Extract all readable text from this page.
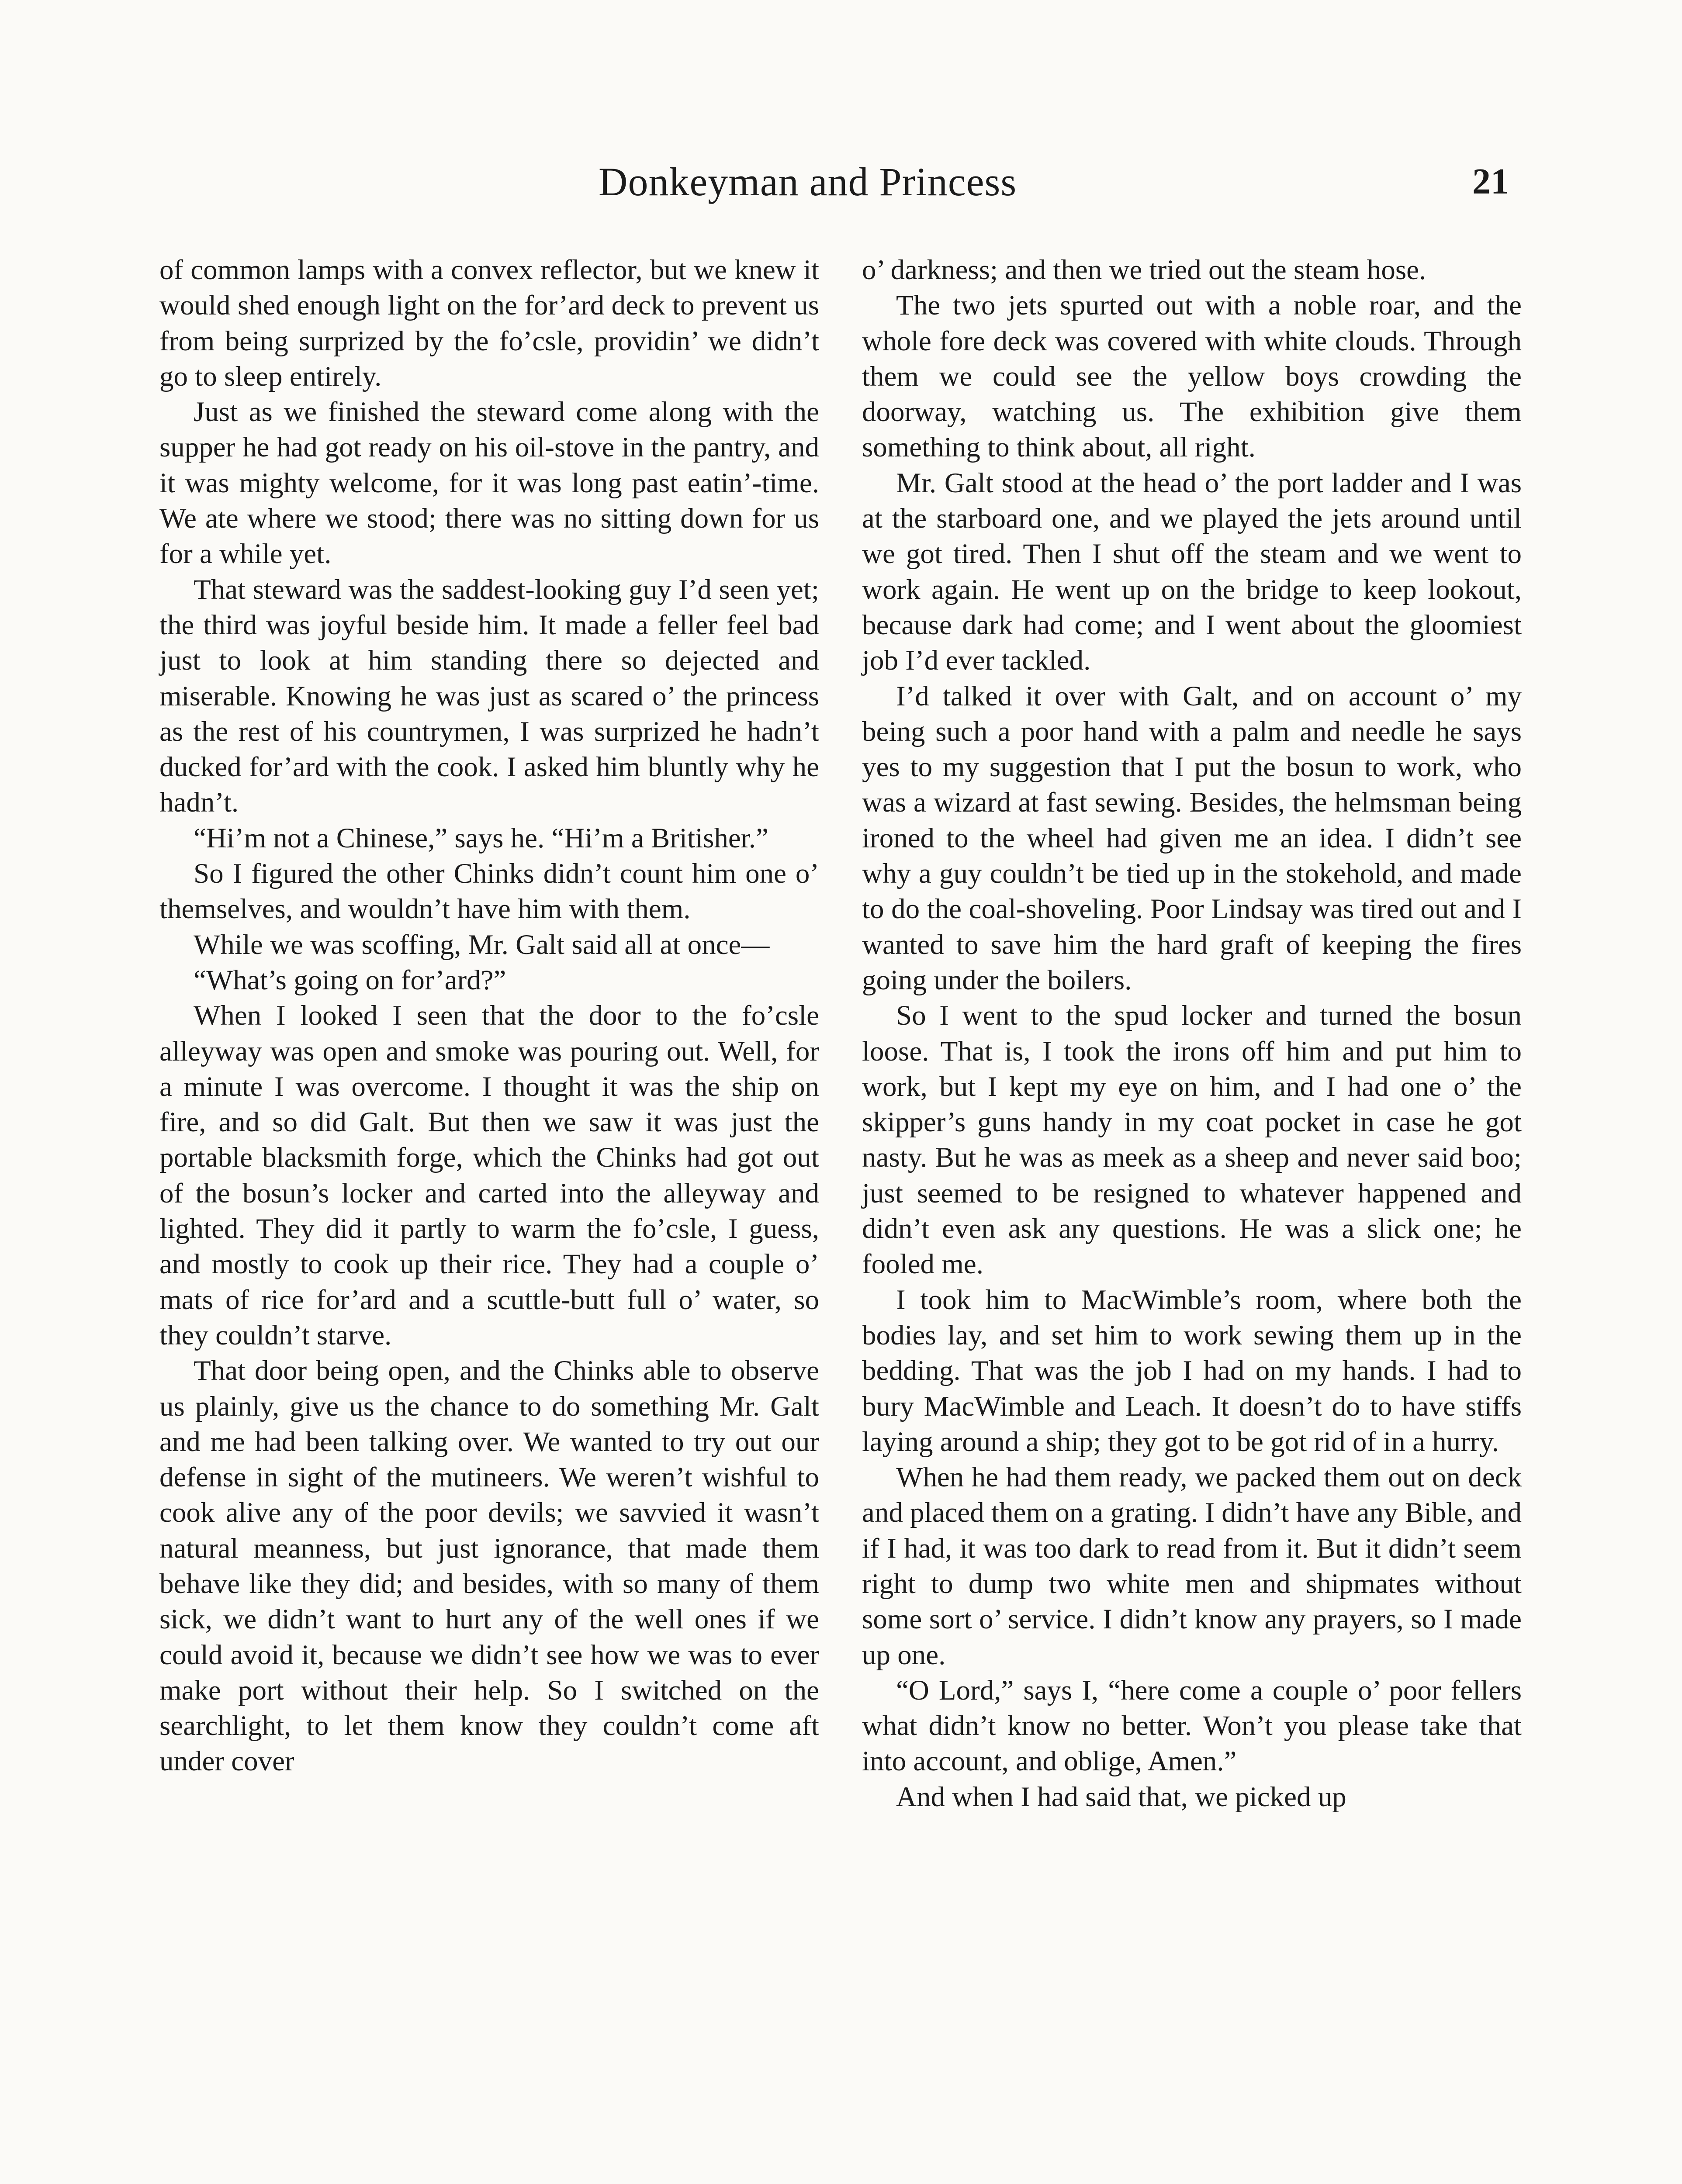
Donkeyman and Princess	21

of common lamps with a convex reflector, but we knew it would shed enough light on the for’ard deck to prevent us from being surprized by the fo’csle, providin’ we didn’t go to sleep entirely.

Just as we finished the steward come along with the supper he had got ready on his oil-stove in the pantry, and it was mighty welcome, for it was long past eatin’-time. We ate where we stood; there was no sitting down for us for a while yet.

That steward was the saddest-looking guy I’d seen yet; the third was joyful beside him. It made a feller feel bad just to look at him standing there so dejected and miserable. Knowing he was just as scared o’ the princess as the rest of his countrymen, I was surprized he hadn’t ducked for’ard with the cook. I asked him bluntly why he hadn’t.

“Hi’m not a Chinese,” says he. “Hi’m a Britisher.”

So I figured the other Chinks didn’t count him one o’ themselves, and wouldn’t have him with them.

While we was scoffing, Mr. Galt said all at once—

“What’s going on for’ard?”

When I looked I seen that the door to the fo’csle alleyway was open and smoke was pouring out. Well, for a minute I was overcome. I thought it was the ship on fire, and so did Galt. But then we saw it was just the portable blacksmith forge, which the Chinks had got out of the bosun’s locker and carted into the alleyway and lighted. They did it partly to warm the fo’csle, I guess, and mostly to cook up their rice. They had a couple o’ mats of rice for’ard and a scuttle-butt full o’ water, so they couldn’t starve.

That door being open, and the Chinks able to observe us plainly, give us the chance to do something Mr. Galt and me had been talking over. We wanted to try out our defense in sight of the mutineers. We weren’t wishful to cook alive any of the poor devils; we savvied it wasn’t natural meanness, but just ignorance, that made them behave like they did; and besides, with so many of them sick, we didn’t want to hurt any of the well ones if we could avoid it, because we didn’t see how we was to ever make port without their help. So I switched on the searchlight, to let them know they couldn’t come aft under cover

o’ darkness; and then we tried out the steam hose.

The two jets spurted out with a noble roar, and the whole fore deck was covered with white clouds. Through them we could see the yellow boys crowding the doorway, watching us. The exhibition give them something to think about, all right.

Mr. Galt stood at the head o’ the port ladder and I was at the starboard one, and we played the jets around until we got tired. Then I shut off the steam and we went to work again. He went up on the bridge to keep lookout, because dark had come; and I went about the gloomiest job I’d ever tackled.

I’d talked it over with Galt, and on account o’ my being such a poor hand with a palm and needle he says yes to my suggestion that I put the bosun to work, who was a wizard at fast sewing. Besides, the helmsman being ironed to the wheel had given me an idea. I didn’t see why a guy couldn’t be tied up in the stokehold, and made to do the coal-shoveling. Poor Lindsay was tired out and I wanted to save him the hard graft of keeping the fires going under the boilers.

So I went to the spud locker and turned the bosun loose. That is, I took the irons off him and put him to work, but I kept my eye on him, and I had one o’ the skipper’s guns handy in my coat pocket in case he got nasty. But he was as meek as a sheep and never said boo; just seemed to be resigned to whatever happened and didn’t even ask any questions. He was a slick one; he fooled me.

I took him to MacWimble’s room, where both the bodies lay, and set him to work sewing them up in the bedding. That was the job I had on my hands. I had to bury MacWimble and Leach. It doesn’t do to have stiffs laying around a ship; they got to be got rid of in a hurry.

When he had them ready, we packed them out on deck and placed them on a grating. I didn’t have any Bible, and if I had, it was too dark to read from it. But it didn’t seem right to dump two white men and shipmates without some sort o’ service. I didn’t know any prayers, so I made up one.

“O Lord,” says I, “here come a couple o’ poor fellers what didn’t know no better. Won’t you please take that into account, and oblige, Amen.”

And when I had said that, we picked up
